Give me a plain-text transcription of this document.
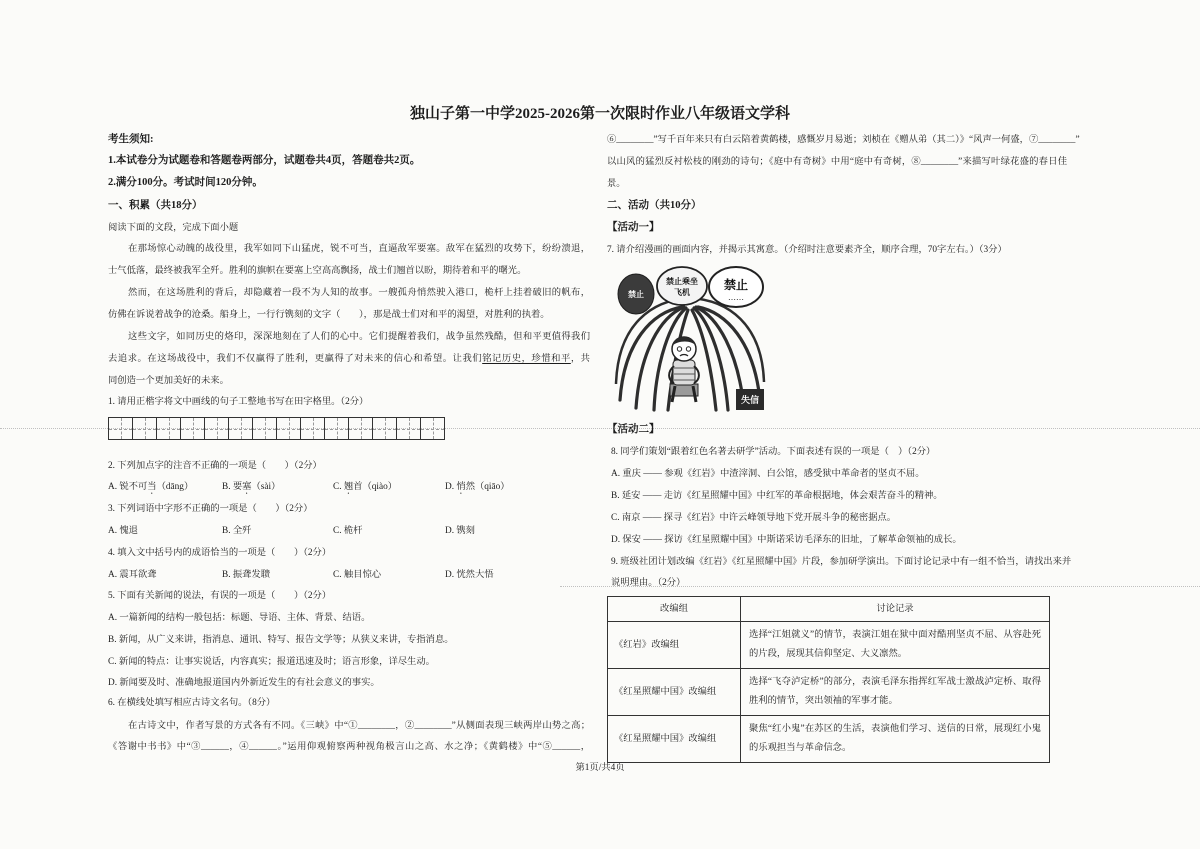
独山子第一中学2025-2026第一次限时作业八年级语文学科
考生须知:
1.本试卷分为试题卷和答题卷两部分，试题卷共4页，答题卷共2页。
2.满分100分。考试时间120分钟。
一、积累（共18分）
阅读下面的文段，完成下面小题
在那场惊心动魄的战役里，我军如同下山猛虎，锐不可当，直逼敌军要塞。敌军在猛烈的攻势下，纷纷溃退，
士气低落，最终被我军全歼。胜利的旗帜在要塞上空高高飘扬，战士们翘首以盼，期待着和平的曙光。
然而，在这场胜利的背后，却隐藏着一段不为人知的故事。一艘孤舟悄然驶入港口，桅杆上挂着破旧的帆布，
仿佛在诉说着战争的沧桑。船身上，一行行镌刻的文字（　　），那是战士们对和平的渴望，对胜利的执着。
这些文字，如同历史的烙印，深深地刻在了人们的心中。它们提醒着我们，战争虽然残酷，但和平更值得我们
去追求。在这场战役中，我们不仅赢得了胜利，更赢得了对未来的信心和希望。让我们铭记历史，珍惜和平，共
同创造一个更加美好的未来。
1. 请用正楷字将文中画线的句子工整地书写在田字格里。（2分）
2. 下列加点字的注音不正确的一项是（　　）（2分）
A. 锐不可当（dāng）	B. 要塞（sài）	C. 翘首（qiào）	D. 悄然（qiāo）
3. 下列词语中字形不正确的一项是（　　）（2分）
A. 愧退	B. 全歼	C. 桅杆	D. 镌刻
4. 填入文中括号内的成语恰当的一项是（　　）（2分）
A. 震耳欲聋	B. 振聋发聩	C. 触目惊心	D. 恍然大悟
5. 下面有关新闻的说法，有误的一项是（　　）（2分）
A. 一篇新闻的结构一般包括：标题、导语、主体、背景、结语。
B. 新闻，从广义来讲，指消息、通讯、特写、报告文学等；从狭义来讲，专指消息。
C. 新闻的特点：让事实说话，内容真实；报道迅速及时；语言形象，详尽生动。
D. 新闻要及时、准确地报道国内外新近发生的有社会意义的事实。
6. 在横线处填写相应古诗文名句。（8分）
在古诗文中，作者写景的方式各有不同。《三峡》中“①________，②________”从侧面表现三峡两岸山势之高；
《答谢中书书》中“③______，④______。”运用仰观俯察两种视角极言山之高、水之净；《黄鹤楼》中“⑤______，
第1页/共4页
⑥________”写千百年来只有白云陪着黄鹤楼，感慨岁月易逝；刘桢在《赠从弟（其二）》“风声一何盛，⑦________”
以山风的猛烈反衬松枝的刚劲的诗句；《庭中有奇树》中用“庭中有奇树，⑧________”来描写叶绿花盛的春日佳
景。
二、活动（共10分）
【活动一】
7. 请介绍漫画的画面内容，并揭示其寓意。（介绍时注意要素齐全，顺序合理，70字左右。）（3分）
禁止
禁止乘坐
飞机
禁止
……
失信
【活动二】
8. 同学们策划“跟着红色名著去研学”活动。下面表述有误的一项是（　）（2分）
A. 重庆 —— 参观《红岩》中渣滓洞、白公馆，感受狱中革命者的坚贞不屈。
B. 延安 —— 走访《红星照耀中国》中红军的革命根据地，体会艰苦奋斗的精神。
C. 南京 —— 探寻《红岩》中许云峰领导地下党开展斗争的秘密据点。
D. 保安 —— 探访《红星照耀中国》中斯诺采访毛泽东的旧址，了解革命领袖的成长。
9. 班级社团计划改编《红岩》《红星照耀中国》片段，参加研学演出。下面讨论记录中有一组不恰当，请找出来并
说明理由。（2分）
改编组	讨论记录
《红岩》改编组	选择“江姐就义”的情节，表演江姐在狱中面对酷刑坚贞不屈、从容赴死的片段，展现其信仰坚定、大义凛然。
《红星照耀中国》改编组	选择“飞夺泸定桥”的部分，表演毛泽东指挥红军战士激战泸定桥、取得胜利的情节，突出领袖的军事才能。
《红星照耀中国》改编组	聚焦“红小鬼”在苏区的生活，表演他们学习、送信的日常，展现红小鬼的乐观担当与革命信念。
